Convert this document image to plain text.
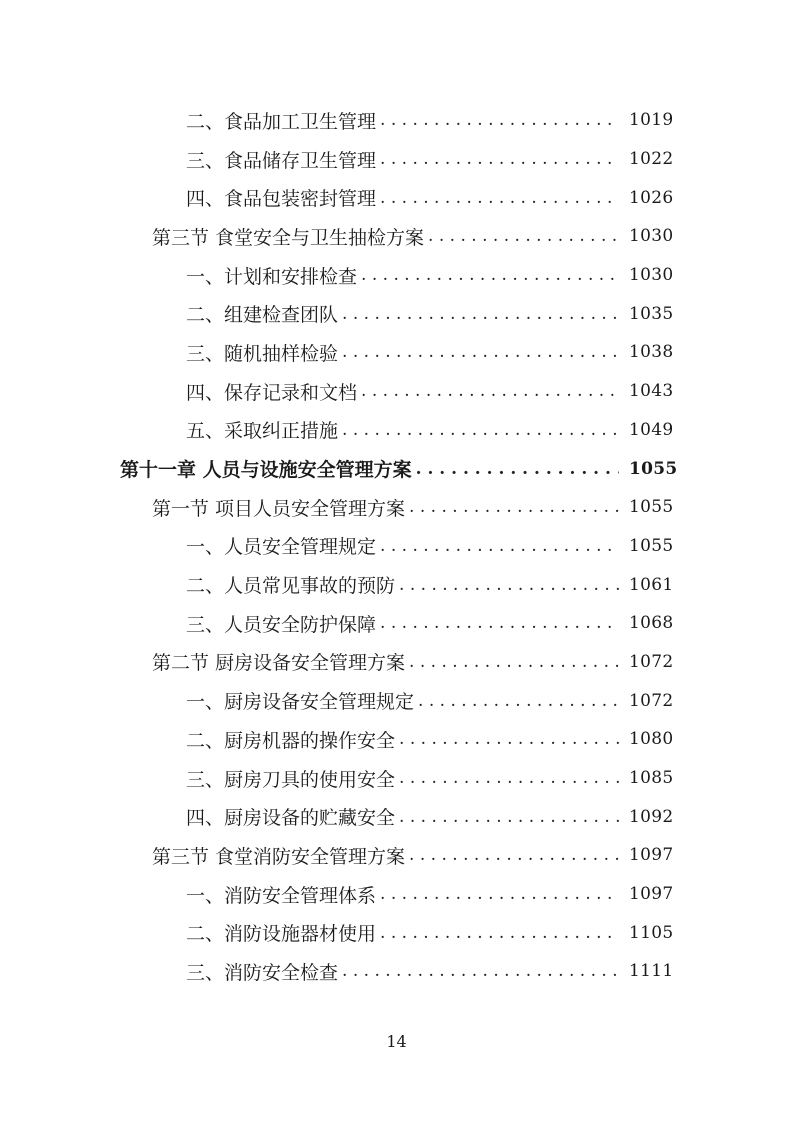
二、食品加工卫生管理 . . .	1019
三、食品储存卫生管理 . . .	1022
四、食品包装密封管理 . . .	1026
第三节 食堂安全与卫生抽检方案 . . .	1030
一、计划和安排检查 . . .	1030
二、组建检查团队 . . .	1035
三、随机抽样检验 . . .	1038
四、保存记录和文档 . . .	1043
五、采取纠正措施 . . .	1049
第十一章 人员与设施安全管理方案 . . .	1055
第一节 项目人员安全管理方案 . . .	1055
一、人员安全管理规定 . . .	1055
二、人员常见事故的预防 . . .	1061
三、人员安全防护保障 . . .	1068
第二节 厨房设备安全管理方案 . . .	1072
一、厨房设备安全管理规定 . . .	1072
二、厨房机器的操作安全 . . .	1080
三、厨房刀具的使用安全 . . .	1085
四、厨房设备的贮藏安全 . . .	1092
第三节 食堂消防安全管理方案 . . .	1097
一、消防安全管理体系 . . .	1097
二、消防设施器材使用 . . .	1105
三、消防安全检查 . . .	1111
14
